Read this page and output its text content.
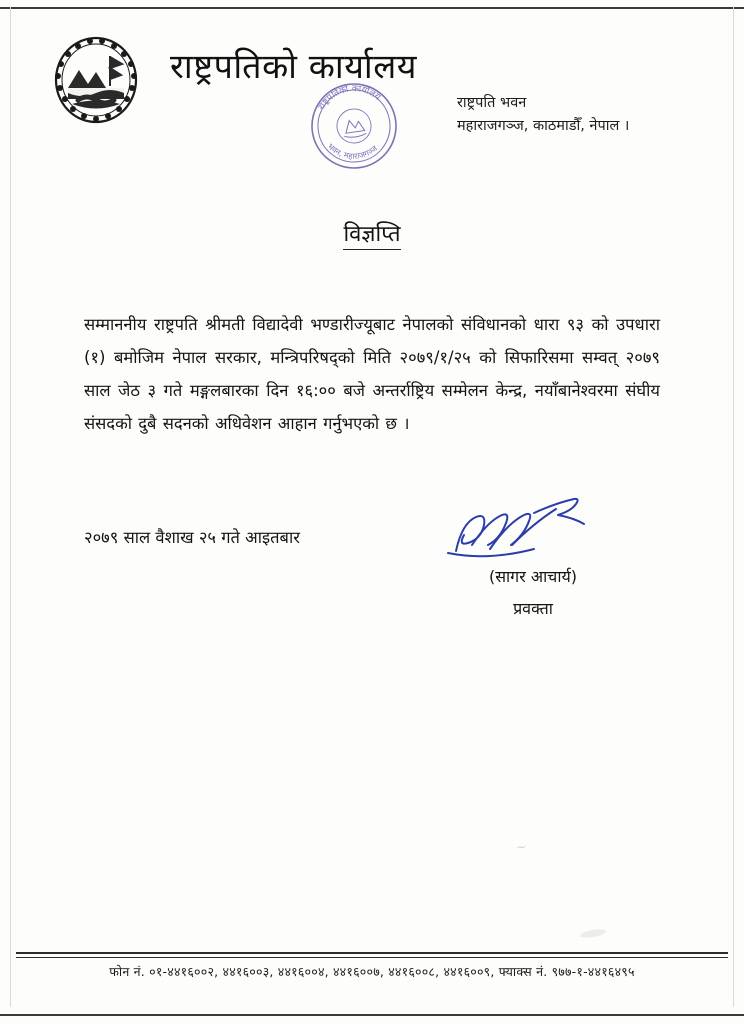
राष्ट्रपतिको कार्यालय
राष्ट्रपतिको कार्यालय
भवन, महाराजगञ्ज
राष्ट्रपति भवन
महाराजगञ्ज, काठमाडौँ, नेपाल ।
विज्ञप्ति
सम्माननीय राष्ट्रपति श्रीमती विद्यादेवी भण्डारीज्यूबाट नेपालको संविधानको धारा ९३ को उपधारा (१) बमोजिम नेपाल सरकार, मन्त्रिपरिषद्को मिति २०७९/१/२५ को सिफारिसमा सम्वत् २०७९ साल जेठ ३ गते मङ्गलबारका दिन १६:०० बजे अन्तर्राष्ट्रिय सम्मेलन केन्द्र, नयाँबानेश्वरमा संघीय संसदको दुबै सदनको अधिवेशन आहान गर्नुभएको छ ।
२०७९ साल वैशाख २५ गते आइतबार
(सागर आचार्य)
प्रवक्ता
~
फोन नं. ०१-४४१६००२, ४४१६००३, ४४१६००४, ४४१६००७, ४४१६००८, ४४१६००९, फ्याक्स नं. ९७७-१-४४१६४९५
